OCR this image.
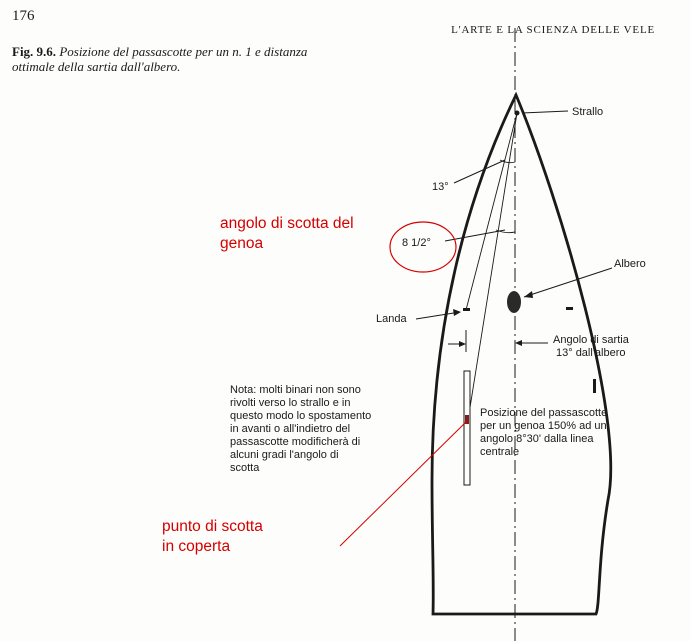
176
L'ARTE E LA SCIENZA DELLE VELE
Fig. 9.6. Posizione del passascotte per un n. 1 e distanza ottimale della sartia dall'albero.
Strallo
13°
8 1/2°
Albero
Landa
Angolo di sartia
13° dall'albero
Nota: molti binari non sono
rivolti verso lo strallo e in
questo modo lo spostamento
in avanti o all'indietro del
passascotte modificherà di
alcuni gradi l'angolo di
scotta
Posizione del passascotte
per un genoa 150% ad un
angolo 8°30' dalla linea
centrale
angolo di scotta del
genoa
punto di scotta
in coperta
